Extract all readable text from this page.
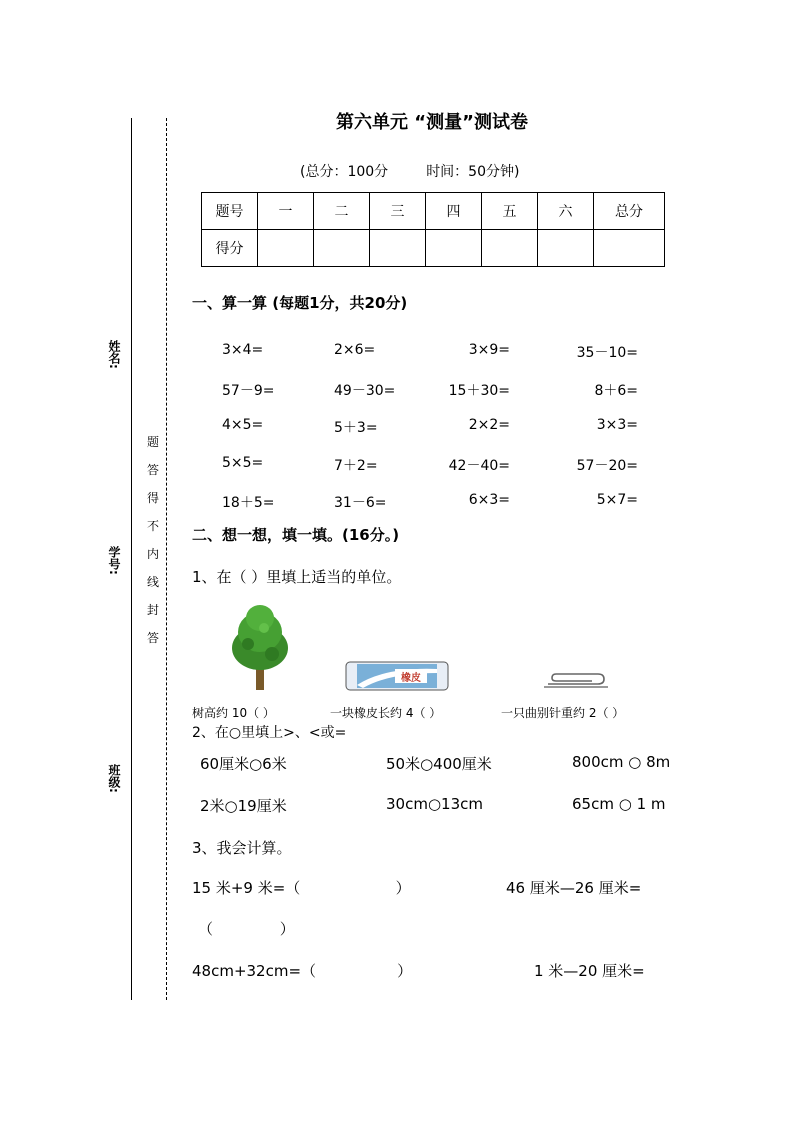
姓名:
学号:
班级:
题
答
得
不
内
线
封
答
第六单元 “测量”测试卷
(总分：100分	时间：50分钟)
题号	一	二	三	四	五	六	总分
得分							
一、算一算 (每题1分，共20分)
3×4=	2×6=	3×9=	35－10=
57－9=	49－30=	15＋30=	8＋6=
4×5=	5＋3=	2×2=	3×3=
5×5=	7＋2=	42－40=	57－20=
18＋5=	31－6=	6×3=	5×7=
二、想一想，填一填。(16分。)
1、在（ ）里填上适当的单位。
橡皮
树高约 10（ ）	一块橡皮长约 4（ ）	一只曲别针重约 2（ ）
2、在○里填上>、<或=
60厘米○6米	50米○400厘米	800cm ○ 8m
2米○19厘米	30cm○13cm	65cm ○ 1 m
3、我会计算。
15 米+9 米=（                    ）	46 厘米—26 厘米=
（              ）
48cm+32cm=（                 ）	1 米—20 厘米=
